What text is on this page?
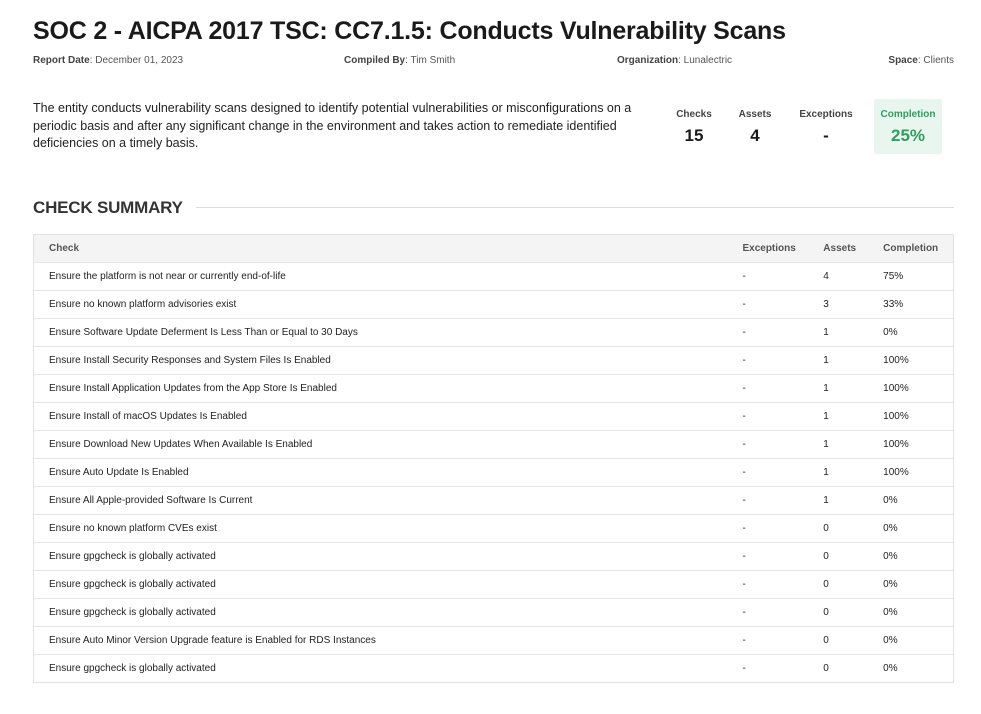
SOC 2 - AICPA 2017 TSC: CC7.1.5: Conducts Vulnerability Scans
Report Date: December 01, 2023	Compiled By: Tim Smith	Organization: Lunalectric	Space: Clients

The entity conducts vulnerability scans designed to identify potential vulnerabilities or misconfigurations on a periodic basis and after any significant change in the environment and takes action to remediate identified deficiencies on a timely basis.

Checks
15
Assets
4
Exceptions
-
Completion
25%
CHECK SUMMARY
Check	Exceptions	Assets	Completion
Ensure the platform is not near or currently end-of-life	-	4	75%
Ensure no known platform advisories exist	-	3	33%
Ensure Software Update Deferment Is Less Than or Equal to 30 Days	-	1	0%
Ensure Install Security Responses and System Files Is Enabled	-	1	100%
Ensure Install Application Updates from the App Store Is Enabled	-	1	100%
Ensure Install of macOS Updates Is Enabled	-	1	100%
Ensure Download New Updates When Available Is Enabled	-	1	100%
Ensure Auto Update Is Enabled	-	1	100%
Ensure All Apple-provided Software Is Current	-	1	0%
Ensure no known platform CVEs exist	-	0	0%
Ensure gpgcheck is globally activated	-	0	0%
Ensure gpgcheck is globally activated	-	0	0%
Ensure gpgcheck is globally activated	-	0	0%
Ensure Auto Minor Version Upgrade feature is Enabled for RDS Instances	-	0	0%
Ensure gpgcheck is globally activated	-	0	0%
